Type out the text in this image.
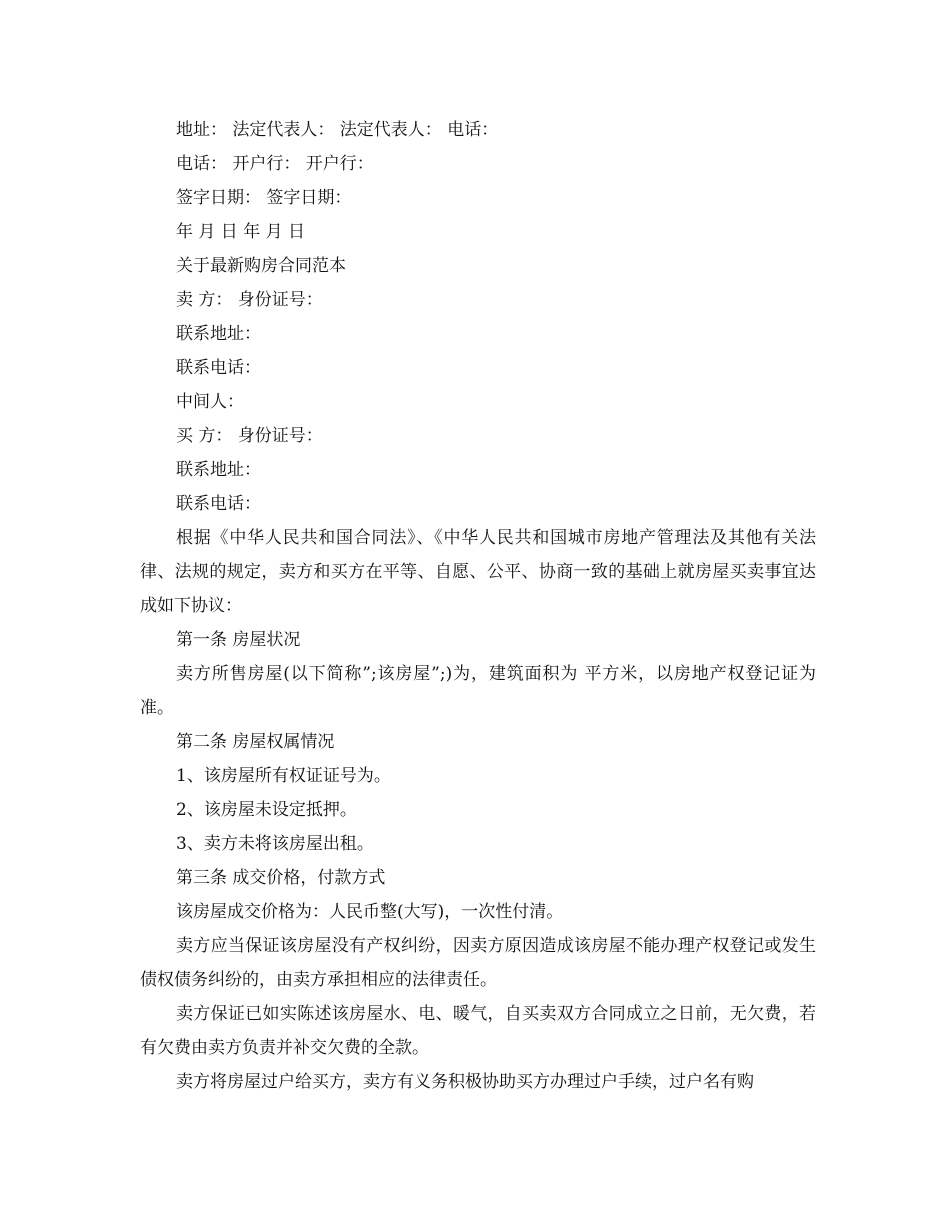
地址： 法定代表人： 法定代表人： 电话：

电话： 开户行： 开户行：

签字日期： 签字日期：

年 月 日 年 月 日

关于最新购房合同范本

卖 方： 身份证号：

联系地址：

联系电话：

中间人：

买 方： 身份证号：

联系地址：

联系电话：

根据《中华人民共和国合同法》、《中华人民共和国城市房地产管理法及其他有关法律、法规的规定，卖方和买方在平等、自愿、公平、协商一致的基础上就房屋买卖事宜达成如下协议：

第一条 房屋状况

卖方所售房屋(以下简称”;该房屋”;)为，建筑面积为 平方米，以房地产权登记证为准。

第二条 房屋权属情况

1、该房屋所有权证证号为。

2、该房屋未设定抵押。

3、卖方未将该房屋出租。

第三条 成交价格，付款方式

该房屋成交价格为：人民币整(大写)，一次性付清。

卖方应当保证该房屋没有产权纠纷，因卖方原因造成该房屋不能办理产权登记或发生债权债务纠纷的，由卖方承担相应的法律责任。

卖方保证已如实陈述该房屋水、电、暖气，自买卖双方合同成立之日前，无欠费，若有欠费由卖方负责并补交欠费的全款。

卖方将房屋过户给买方，卖方有义务积极协助买方办理过户手续，过户名有购
